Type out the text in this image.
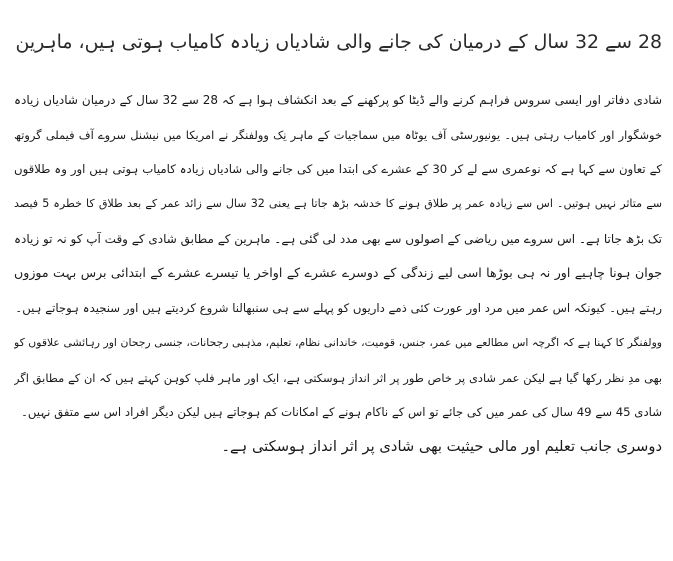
28 سے 32 سال کے درمیان کی جانے والی شادیاں زیادہ کامیاب ہوتی ہیں، ماہرین
شادی دفاتر اور ایسی سروس فراہم کرنے والے ڈیٹا کو پرکھنے کے بعد انکشاف ہوا ہے کہ 28 سے 32 سال کے درمیان شادیاں زیادہ
خوشگوار اور کامیاب رہتی ہیں۔ یونیورسٹی آف یوٹاہ میں سماجیات کے ماہر نِک وولفنگر نے امریکا میں نیشنل سروے آف فیملی گروتھ
کے تعاون سے کہا ہے کہ نوعمری سے لے کر 30 کے عشرے کی ابتدا میں کی جانے والی شادیاں زیادہ کامیاب ہوتی ہیں اور وہ طلاقوں
سے متاثر نہیں ہوتیں۔ اس سے زیادہ عمر پر طلاق ہونے کا خدشہ بڑھ جاتا ہے یعنی 32 سال سے زائد عمر کے بعد طلاق کا خطرہ 5 فیصد
تک بڑھ جاتا ہے۔ اس سروے میں ریاضی کے اصولوں سے بھی مدد لی گئی ہے۔ ماہرین کے مطابق شادی کے وقت آپ کو نہ تو زیادہ
جوان ہونا چاہیے اور نہ ہی بوڑھا اسی لیے زندگی کے دوسرے عشرے کے اواخر یا تیسرے عشرے کے ابتدائی برس بہت موزوں
رہتے ہیں۔ کیونکہ اس عمر میں مرد اور عورت کئی ذمے داریوں کو پہلے سے ہی سنبھالنا شروع کردیتے ہیں اور سنجیدہ ہوجاتے ہیں۔
وولفنگر کا کہنا ہے کہ اگرچہ اس مطالعے میں عمر، جنس، قومیت، خاندانی نظام، تعلیم، مذہبی رجحانات، جنسی رجحان اور رہائشی علاقوں کو
بھی مدِ نظر رکھا گیا ہے لیکن عمر شادی پر خاص طور پر اثر انداز ہوسکتی ہے، ایک اور ماہر فلپ کوہن کہتے ہیں کہ ان کے مطابق اگر
شادی 45 سے 49 سال کی عمر میں کی جائے تو اس کے ناکام ہونے کے امکانات کم ہوجاتے ہیں لیکن دیگر افراد اس سے متفق نہیں۔
دوسری جانب تعلیم اور مالی حیثیت بھی شادی پر اثر انداز ہوسکتی ہے۔
